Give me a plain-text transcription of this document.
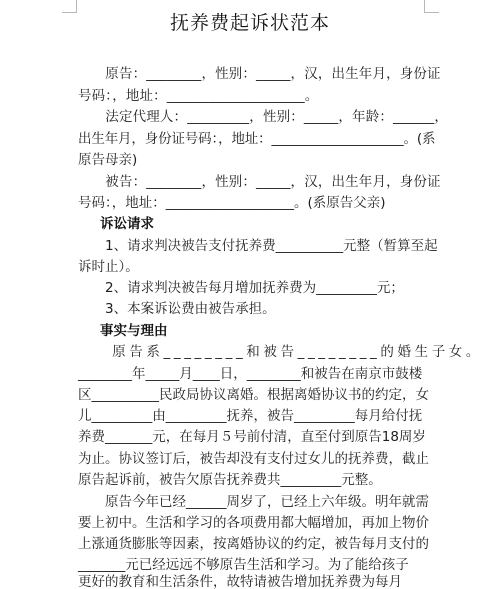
抚养费起诉状范本
　　原告：________，性别：_____，汉，出生年月，身份证
号码：，地址：____________________。
　　法定代理人：_________，性别：_____，年龄：______，
出生年月，身份证号码：，地址：____________________。(系
原告母亲)
　　被告：________，性别：_____，汉，出生年月，身份证
号码：，地址：___________________。(系原告父亲)
诉讼请求
　　1、请求判决被告支付抚养费__________元整（暂算至起
诉时止）。
　　2、请求判决被告每月增加抚养费为_________元；
　　3、本案诉讼费由被告承担。
事实与理由
　　原告系________和被告________的婚生子女。
________年_____月____日，________和被告在南京市鼓楼
区__________民政局协议离婚。根据离婚协议书的约定，女
儿_________由_________抚养，被告_________每月给付抚
养费_______元，在每月５号前付清，直至付到原告18周岁
为止。协议签订后，被告却没有支付过女儿的抚养费，截止
原告起诉前，被告欠原告抚养费共_________元整。
　　原告今年已经______周岁了，已经上六年级。明年就需
要上初中。生活和学习的各项费用都大幅增加，再加上物价
上涨通货膨胀等因素，按离婚协议的约定，被告每月支付的
_______元已经远远不够原告生活和学习。为了能给孩子
更好的教育和生活条件，故特请被告增加抚养费为每月
